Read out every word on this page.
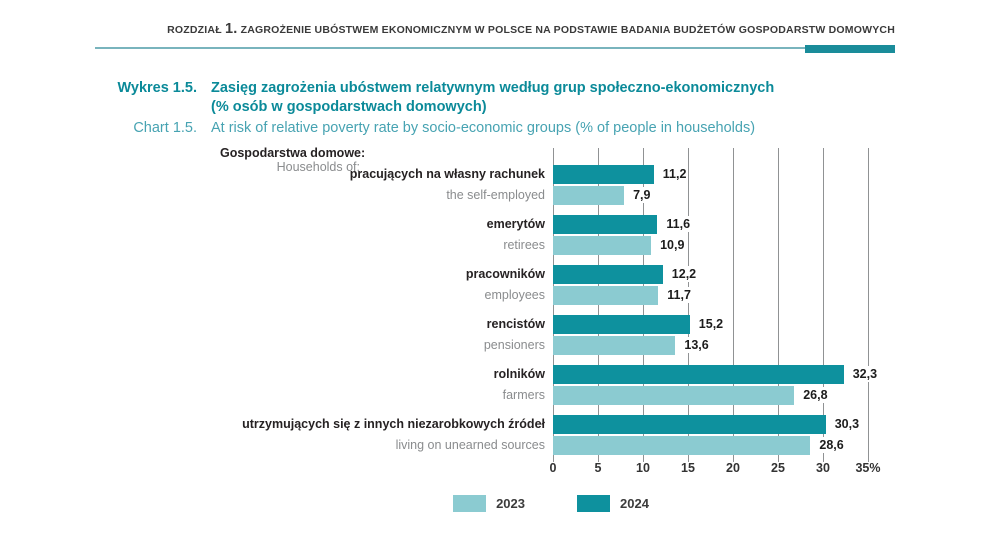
ROZDZIAŁ 1. ZAGROŻENIE UBÓSTWEM EKONOMICZNYM W POLSCE NA PODSTAWIE BADANIA BUDŻETÓW GOSPODARSTW DOMOWYCH
Wykres 1.5. Zasięg zagrożenia ubóstwem relatywnym według grup społeczno-ekonomicznych
(% osób w gospodarstwach domowych)
Chart 1.5. At risk of relative poverty rate by socio-economic groups (% of people in households)
Gospodarstwa domowe:
Households of:
pracujących na własny rachunek
the self-employed
11,2
7,9
emerytów
retirees
11,6
10,9
pracowników
employees
12,2
11,7
rencistów
pensioners
15,2
13,6
rolników
farmers
32,3
26,8
utrzymujących się z innych niezarobkowych źródeł
living on unearned sources
30,3
28,6
0	5	10 15 20 25 30 35%
2023	2024
